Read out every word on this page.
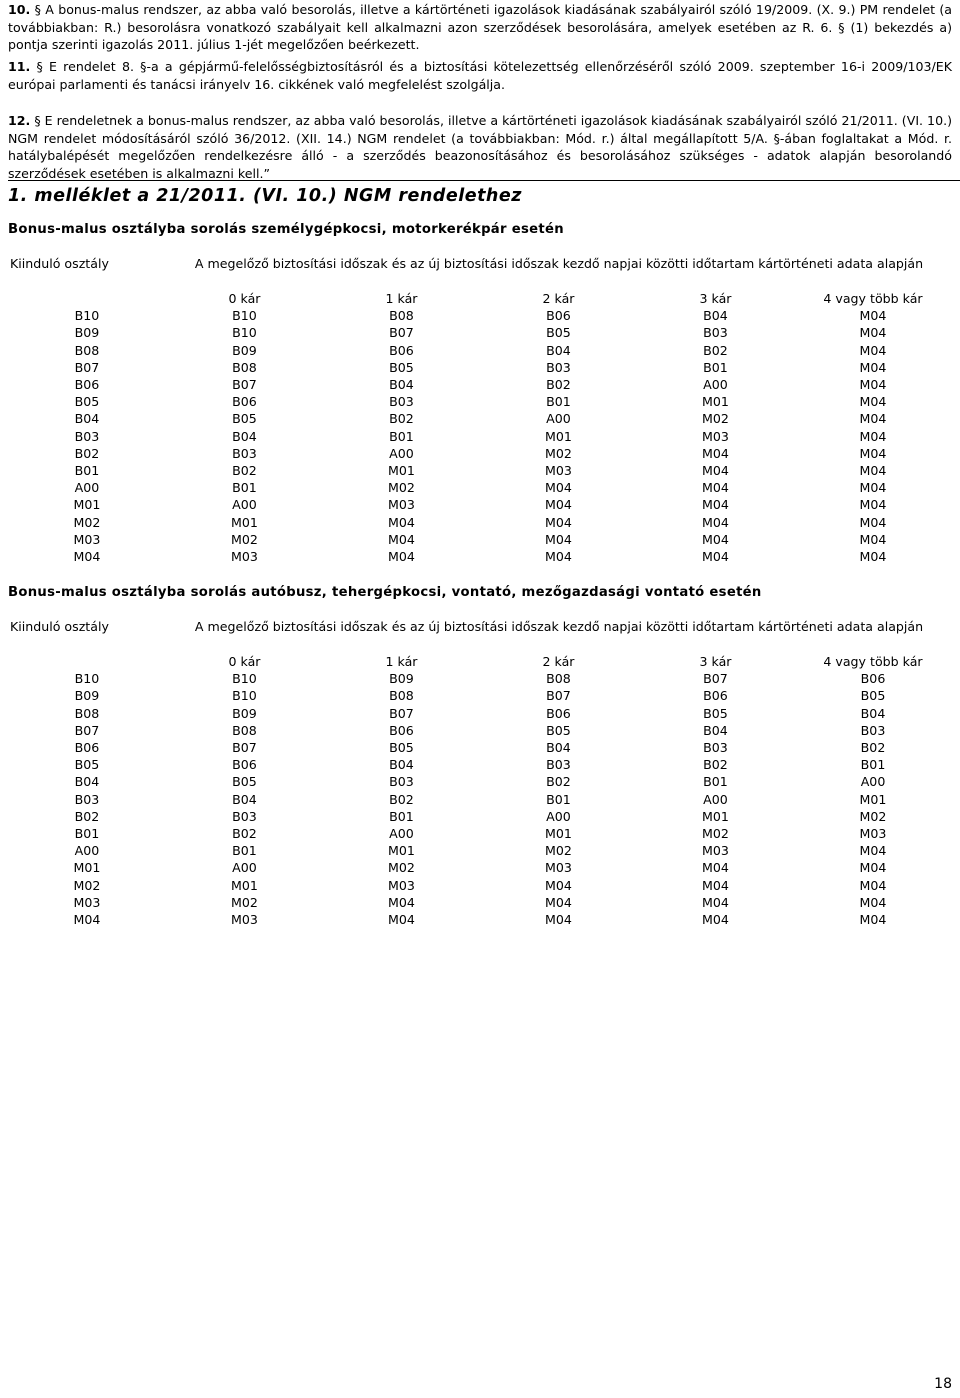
10. § A bonus-malus rendszer, az abba való besorolás, illetve a kártörténeti igazolások kiadásának szabályairól szóló 19/2009. (X. 9.) PM rendelet (a továbbiakban: R.) besorolásra vonatkozó szabályait kell alkalmazni azon szerződések besorolására, amelyek esetében az R. 6. § (1) bekezdés a) pontja szerinti igazolás 2011. július 1-jét megelőzően beérkezett.

11. § E rendelet 8. §-a a gépjármű-felelősségbiztosításról és a biztosítási kötelezettség ellenőrzéséről szóló 2009. szeptember 16-i 2009/103/EK európai parlamenti és tanácsi irányelv 16. cikkének való megfelelést szolgálja.

12. § E rendeletnek a bonus-malus rendszer, az abba való besorolás, illetve a kártörténeti igazolások kiadásának szabályairól szóló 21/2011. (VI. 10.) NGM rendelet módosításáról szóló 36/2012. (XII. 14.) NGM rendelet (a továbbiakban: Mód. r.) által megállapított 5/A. §-ában foglaltakat a Mód. r. hatálybalépését megelőzően rendelkezésre álló - a szerződés beazonosításához és besorolásához szükséges - adatok alapján besorolandó szerződések esetében is alkalmazni kell.”

1. melléklet a 21/2011. (VI. 10.) NGM rendelethez
Bonus-malus osztályba sorolás személygépkocsi, motorkerékpár esetén
Kiinduló osztály	A megelőző biztosítási időszak és az új biztosítási időszak kezdő napjai közötti időtartam kártörténeti adata alapján				
	0 kár	1 kár	2 kár	3 kár	4 vagy több kár
B10	B10	B08	B06	B04	M04
B09	B10	B07	B05	B03	M04
B08	B09	B06	B04	B02	M04
B07	B08	B05	B03	B01	M04
B06	B07	B04	B02	A00	M04
B05	B06	B03	B01	M01	M04
B04	B05	B02	A00	M02	M04
B03	B04	B01	M01	M03	M04
B02	B03	A00	M02	M04	M04
B01	B02	M01	M03	M04	M04
A00	B01	M02	M04	M04	M04
M01	A00	M03	M04	M04	M04
M02	M01	M04	M04	M04	M04
M03	M02	M04	M04	M04	M04
M04	M03	M04	M04	M04	M04
Bonus-malus osztályba sorolás autóbusz, tehergépkocsi, vontató, mezőgazdasági vontató esetén
Kiinduló osztály	A megelőző biztosítási időszak és az új biztosítási időszak kezdő napjai közötti időtartam kártörténeti adata alapján				
	0 kár	1 kár	2 kár	3 kár	4 vagy több kár
B10	B10	B09	B08	B07	B06
B09	B10	B08	B07	B06	B05
B08	B09	B07	B06	B05	B04
B07	B08	B06	B05	B04	B03
B06	B07	B05	B04	B03	B02
B05	B06	B04	B03	B02	B01
B04	B05	B03	B02	B01	A00
B03	B04	B02	B01	A00	M01
B02	B03	B01	A00	M01	M02
B01	B02	A00	M01	M02	M03
A00	B01	M01	M02	M03	M04
M01	A00	M02	M03	M04	M04
M02	M01	M03	M04	M04	M04
M03	M02	M04	M04	M04	M04
M04	M03	M04	M04	M04	M04
18
